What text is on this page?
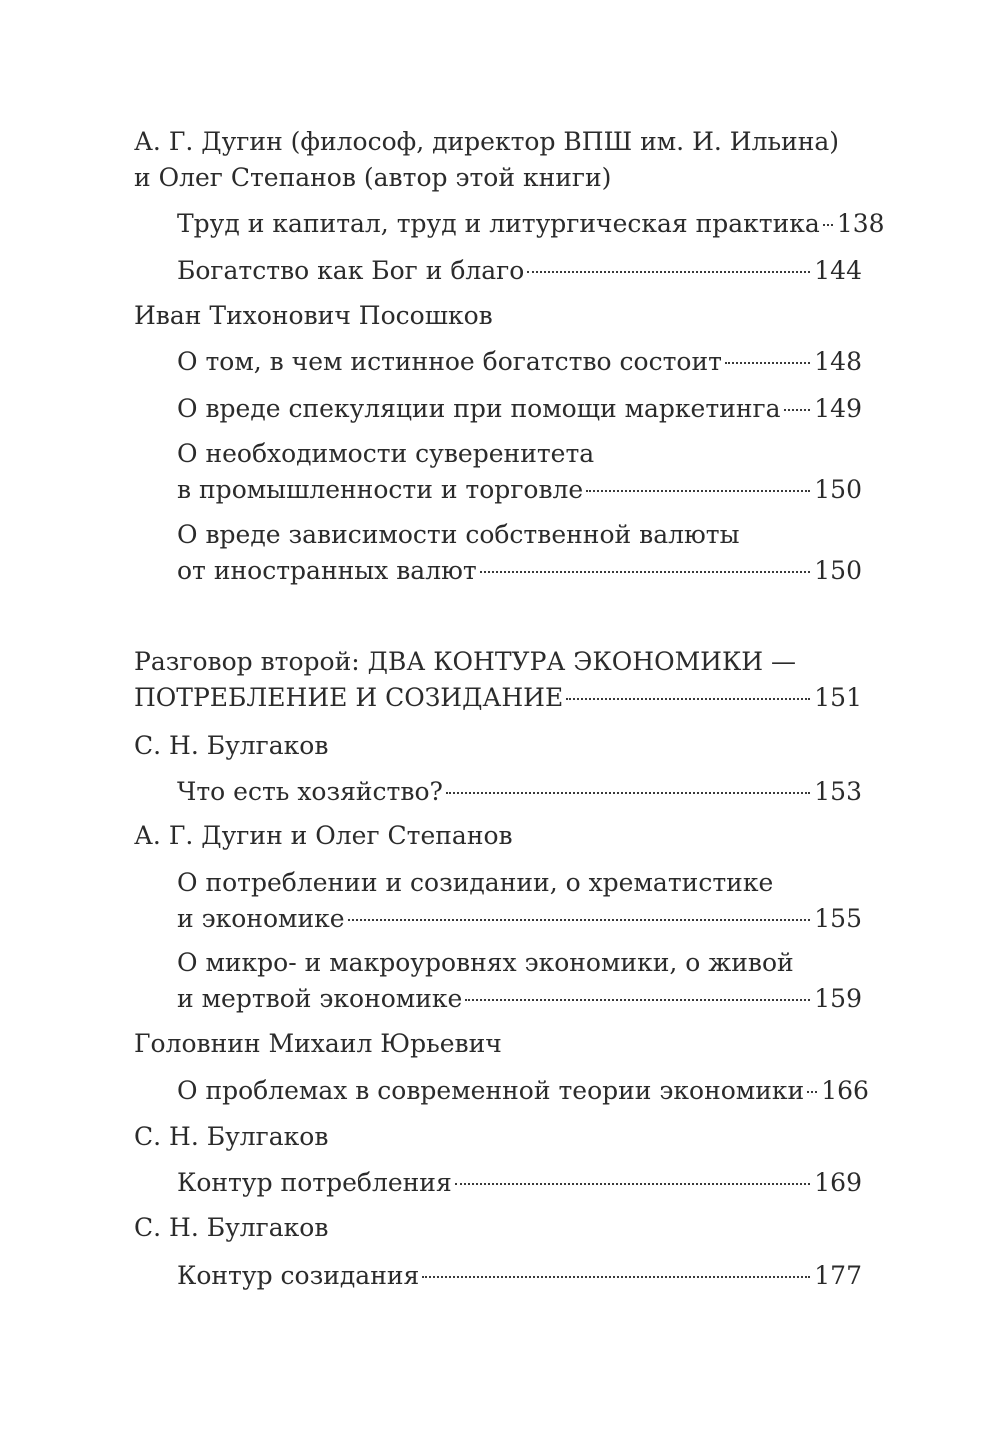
А. Г. Дугин (философ, директор ВПШ им. И. Ильина)
и Олег Степанов (автор этой книги)
Труд и капитал, труд и литургическая практика 138
Богатство как Бог и благо	144
Иван Тихонович Посошков
О том, в чем истинное богатство состоит	148
О вреде спекуляции при помощи маркетинга 149
О необходимости суверенитета
в промышленности и торговле	150
О вреде зависимости собственной валюты
от иностранных валют	150
Разговор второй: ДВА КОНТУРА ЭКОНОМИКИ —
ПОТРЕБЛЕНИЕ И СОЗИДАНИЕ	151
С. Н. Булгаков
Что есть хозяйство?	153
А. Г. Дугин и Олег Степанов
О потреблении и созидании, о хрематистике
и экономике	155
О микро- и макроуровнях экономики, о живой
и мертвой экономике	159
Головнин Михаил Юрьевич
О проблемах в современной теории экономики 166
С. Н. Булгаков
Контур потребления	169
С. Н. Булгаков
Контур созидания	177
